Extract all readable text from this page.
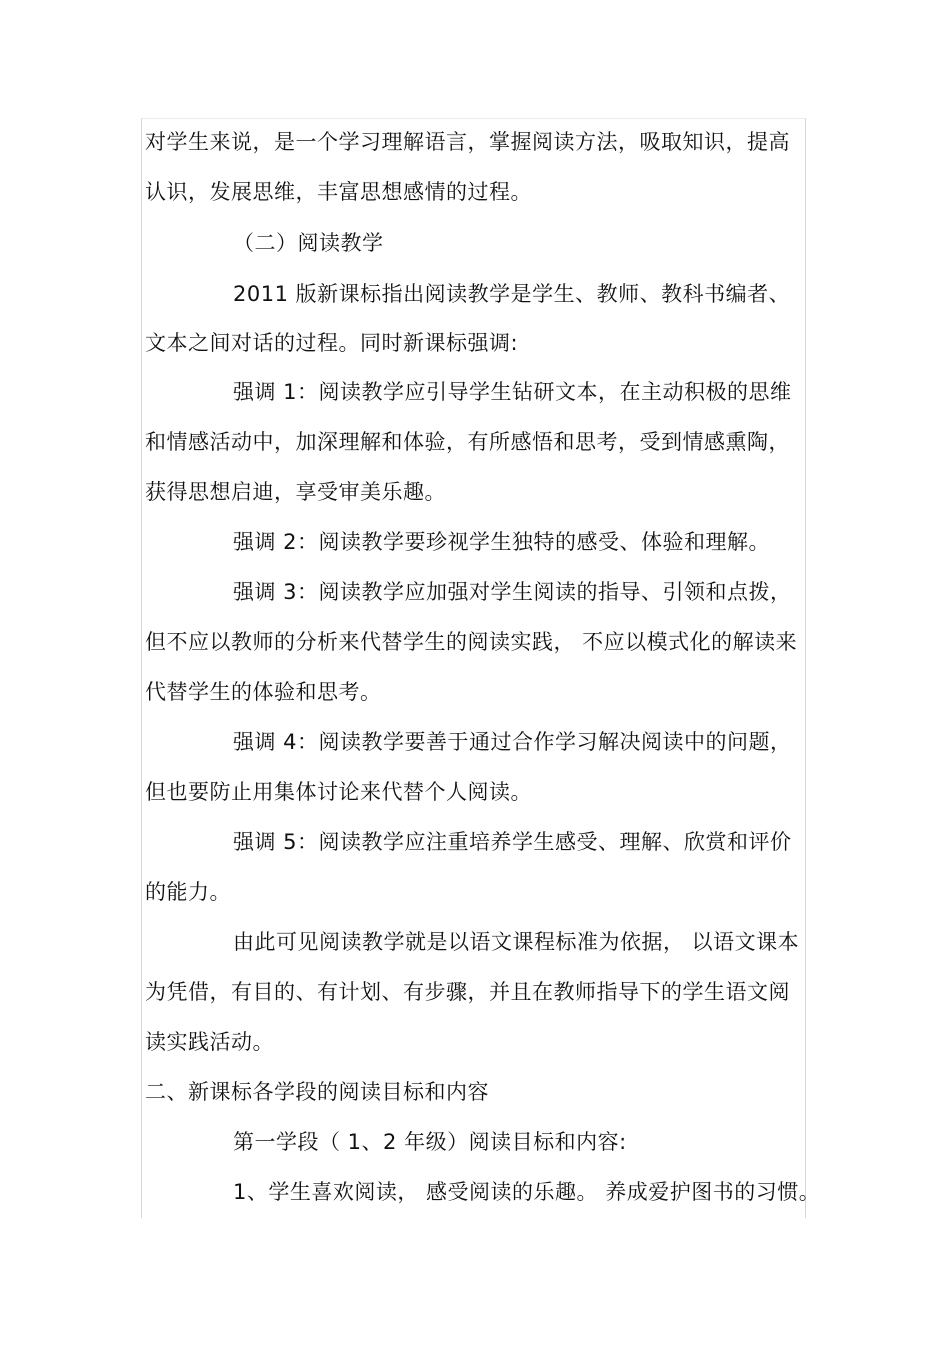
对学生来说，是一个学习理解语言，掌握阅读方法，吸取知识，提高
认识，发展思维，丰富思想感情的过程。
（二）阅读教学
2011 版新课标指出阅读教学是学生、教师、教科书编者、
文本之间对话的过程。同时新课标强调:
强调 1：阅读教学应引导学生钻研文本，在主动积极的思维
和情感活动中，加深理解和体验，有所感悟和思考，受到情感熏陶，
获得思想启迪，享受审美乐趣。
强调 2：阅读教学要珍视学生独特的感受、体验和理解。
强调 3：阅读教学应加强对学生阅读的指导、引领和点拨，
但不应以教师的分析来代替学生的阅读实践， 不应以模式化的解读来
代替学生的体验和思考。
强调 4：阅读教学要善于通过合作学习解决阅读中的问题，
但也要防止用集体讨论来代替个人阅读。
强调 5：阅读教学应注重培养学生感受、理解、欣赏和评价
的能力。
由此可见阅读教学就是以语文课程标准为依据， 以语文课本
为凭借，有目的、有计划、有步骤，并且在教师指导下的学生语文阅
读实践活动。
二、新课标各学段的阅读目标和内容
第一学段（ 1、2 年级）阅读目标和内容:
1、学生喜欢阅读， 感受阅读的乐趣。 养成爱护图书的习惯。
